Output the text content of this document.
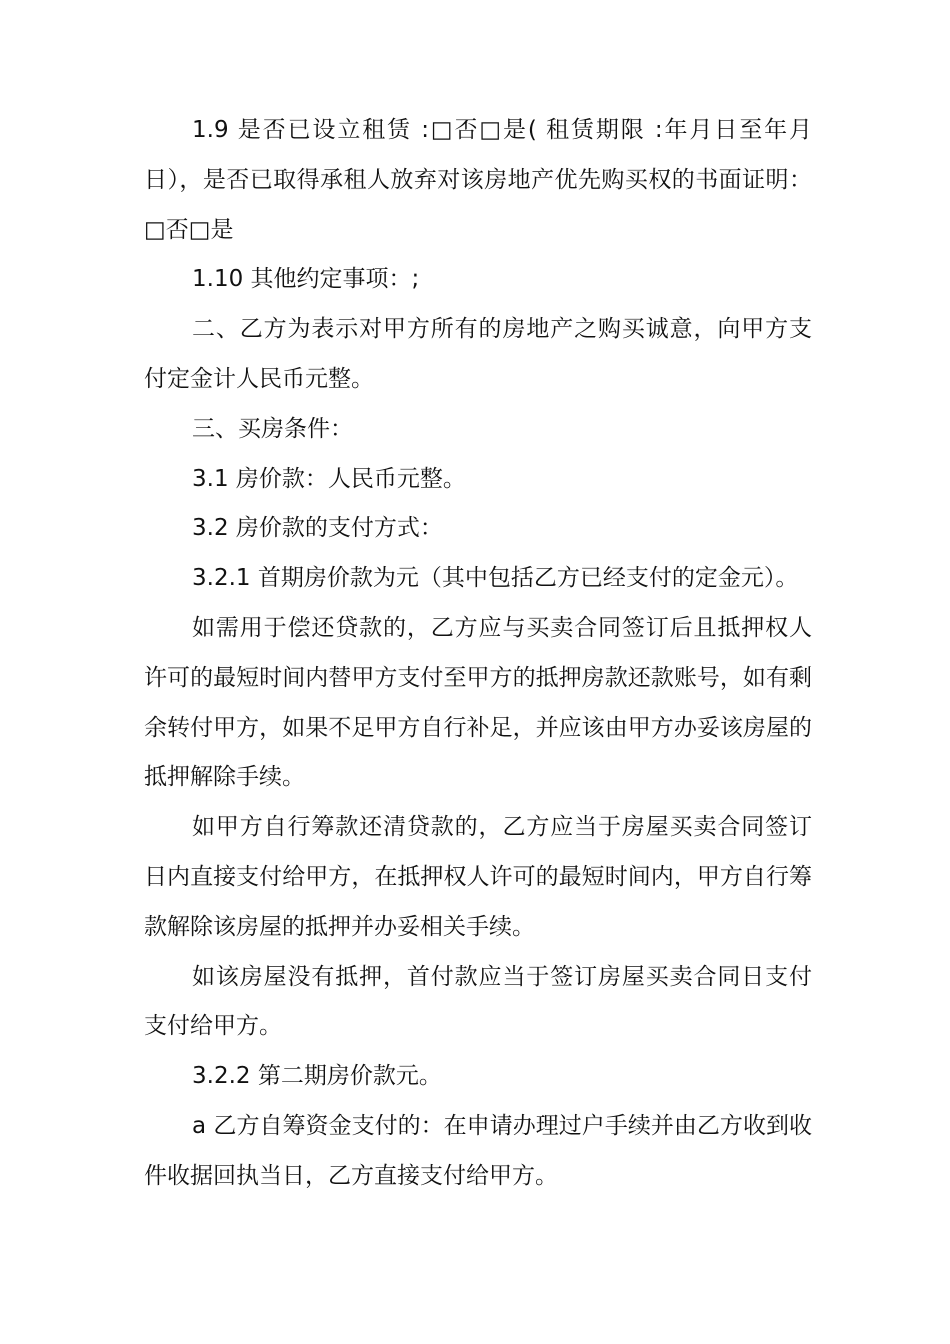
1.9 是否已设立租赁 :□否□是( 租赁期限 :年月日至年月日），是否已取得承租人放弃对该房地产优先购买权的书面证明：□否□是

1.10 其他约定事项：;

二、乙方为表示对甲方所有的房地产之购买诚意，向甲方支付定金计人民币元整。

三、买房条件：

3.1 房价款：人民币元整。

3.2 房价款的支付方式：

3.2.1 首期房价款为元（其中包括乙方已经支付的定金元）。

如需用于偿还贷款的，乙方应与买卖合同签订后且抵押权人许可的最短时间内替甲方支付至甲方的抵押房款还款账号，如有剩余转付甲方，如果不足甲方自行补足，并应该由甲方办妥该房屋的抵押解除手续。

如甲方自行筹款还清贷款的，乙方应当于房屋买卖合同签订日内直接支付给甲方，在抵押权人许可的最短时间内，甲方自行筹款解除该房屋的抵押并办妥相关手续。

如该房屋没有抵押，首付款应当于签订房屋买卖合同日支付支付给甲方。

3.2.2 第二期房价款元。

a 乙方自筹资金支付的：在申请办理过户手续并由乙方收到收件收据回执当日，乙方直接支付给甲方。
